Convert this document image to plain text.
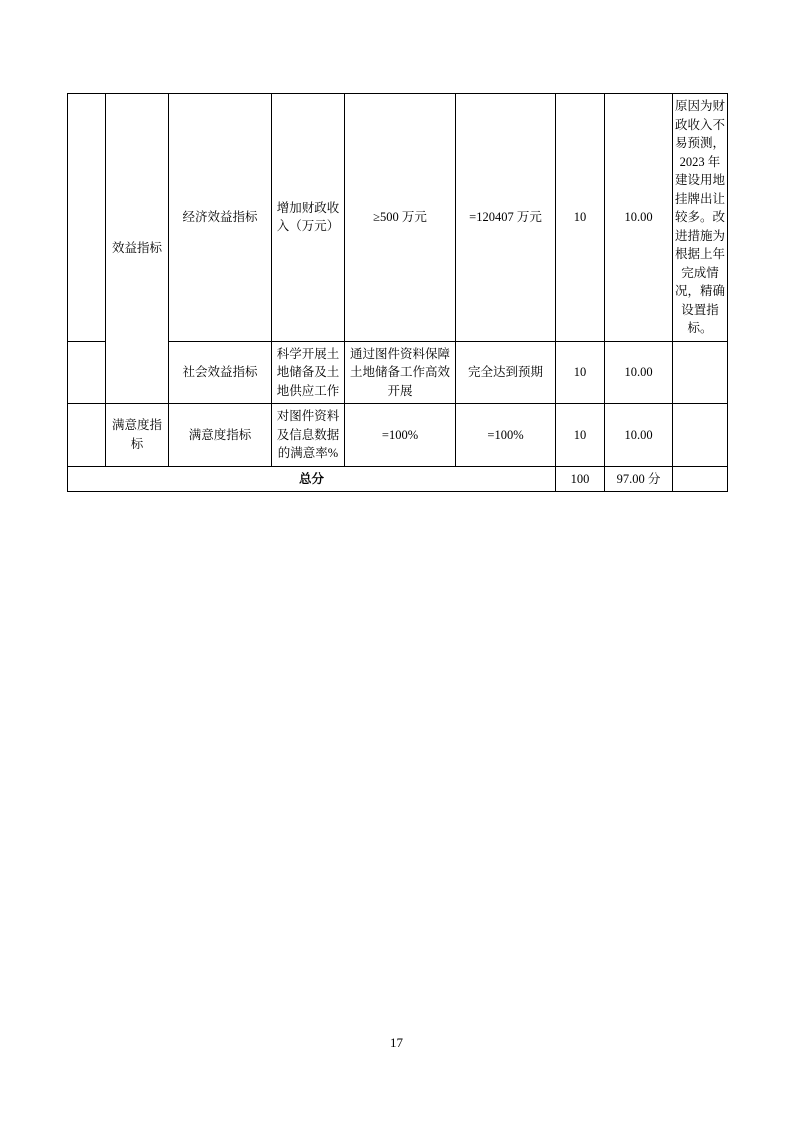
	效益指标	经济效益指标	增加财政收入（万元）	≥500 万元	=120407 万元	10	10.00	原因为财政收入不易预测，2023 年建设用地挂牌出让较多。改进措施为根据上年完成情况，精确设置指标。
		社会效益指标	科学开展土地储备及土地供应工作	通过图件资料保障土地储备工作高效开展	完全达到预期	10	10.00	
	满意度指标	满意度指标	对图件资料及信息数据的满意率%	=100%	=100%	10	10.00	
总分						100	97.00 分	
17
